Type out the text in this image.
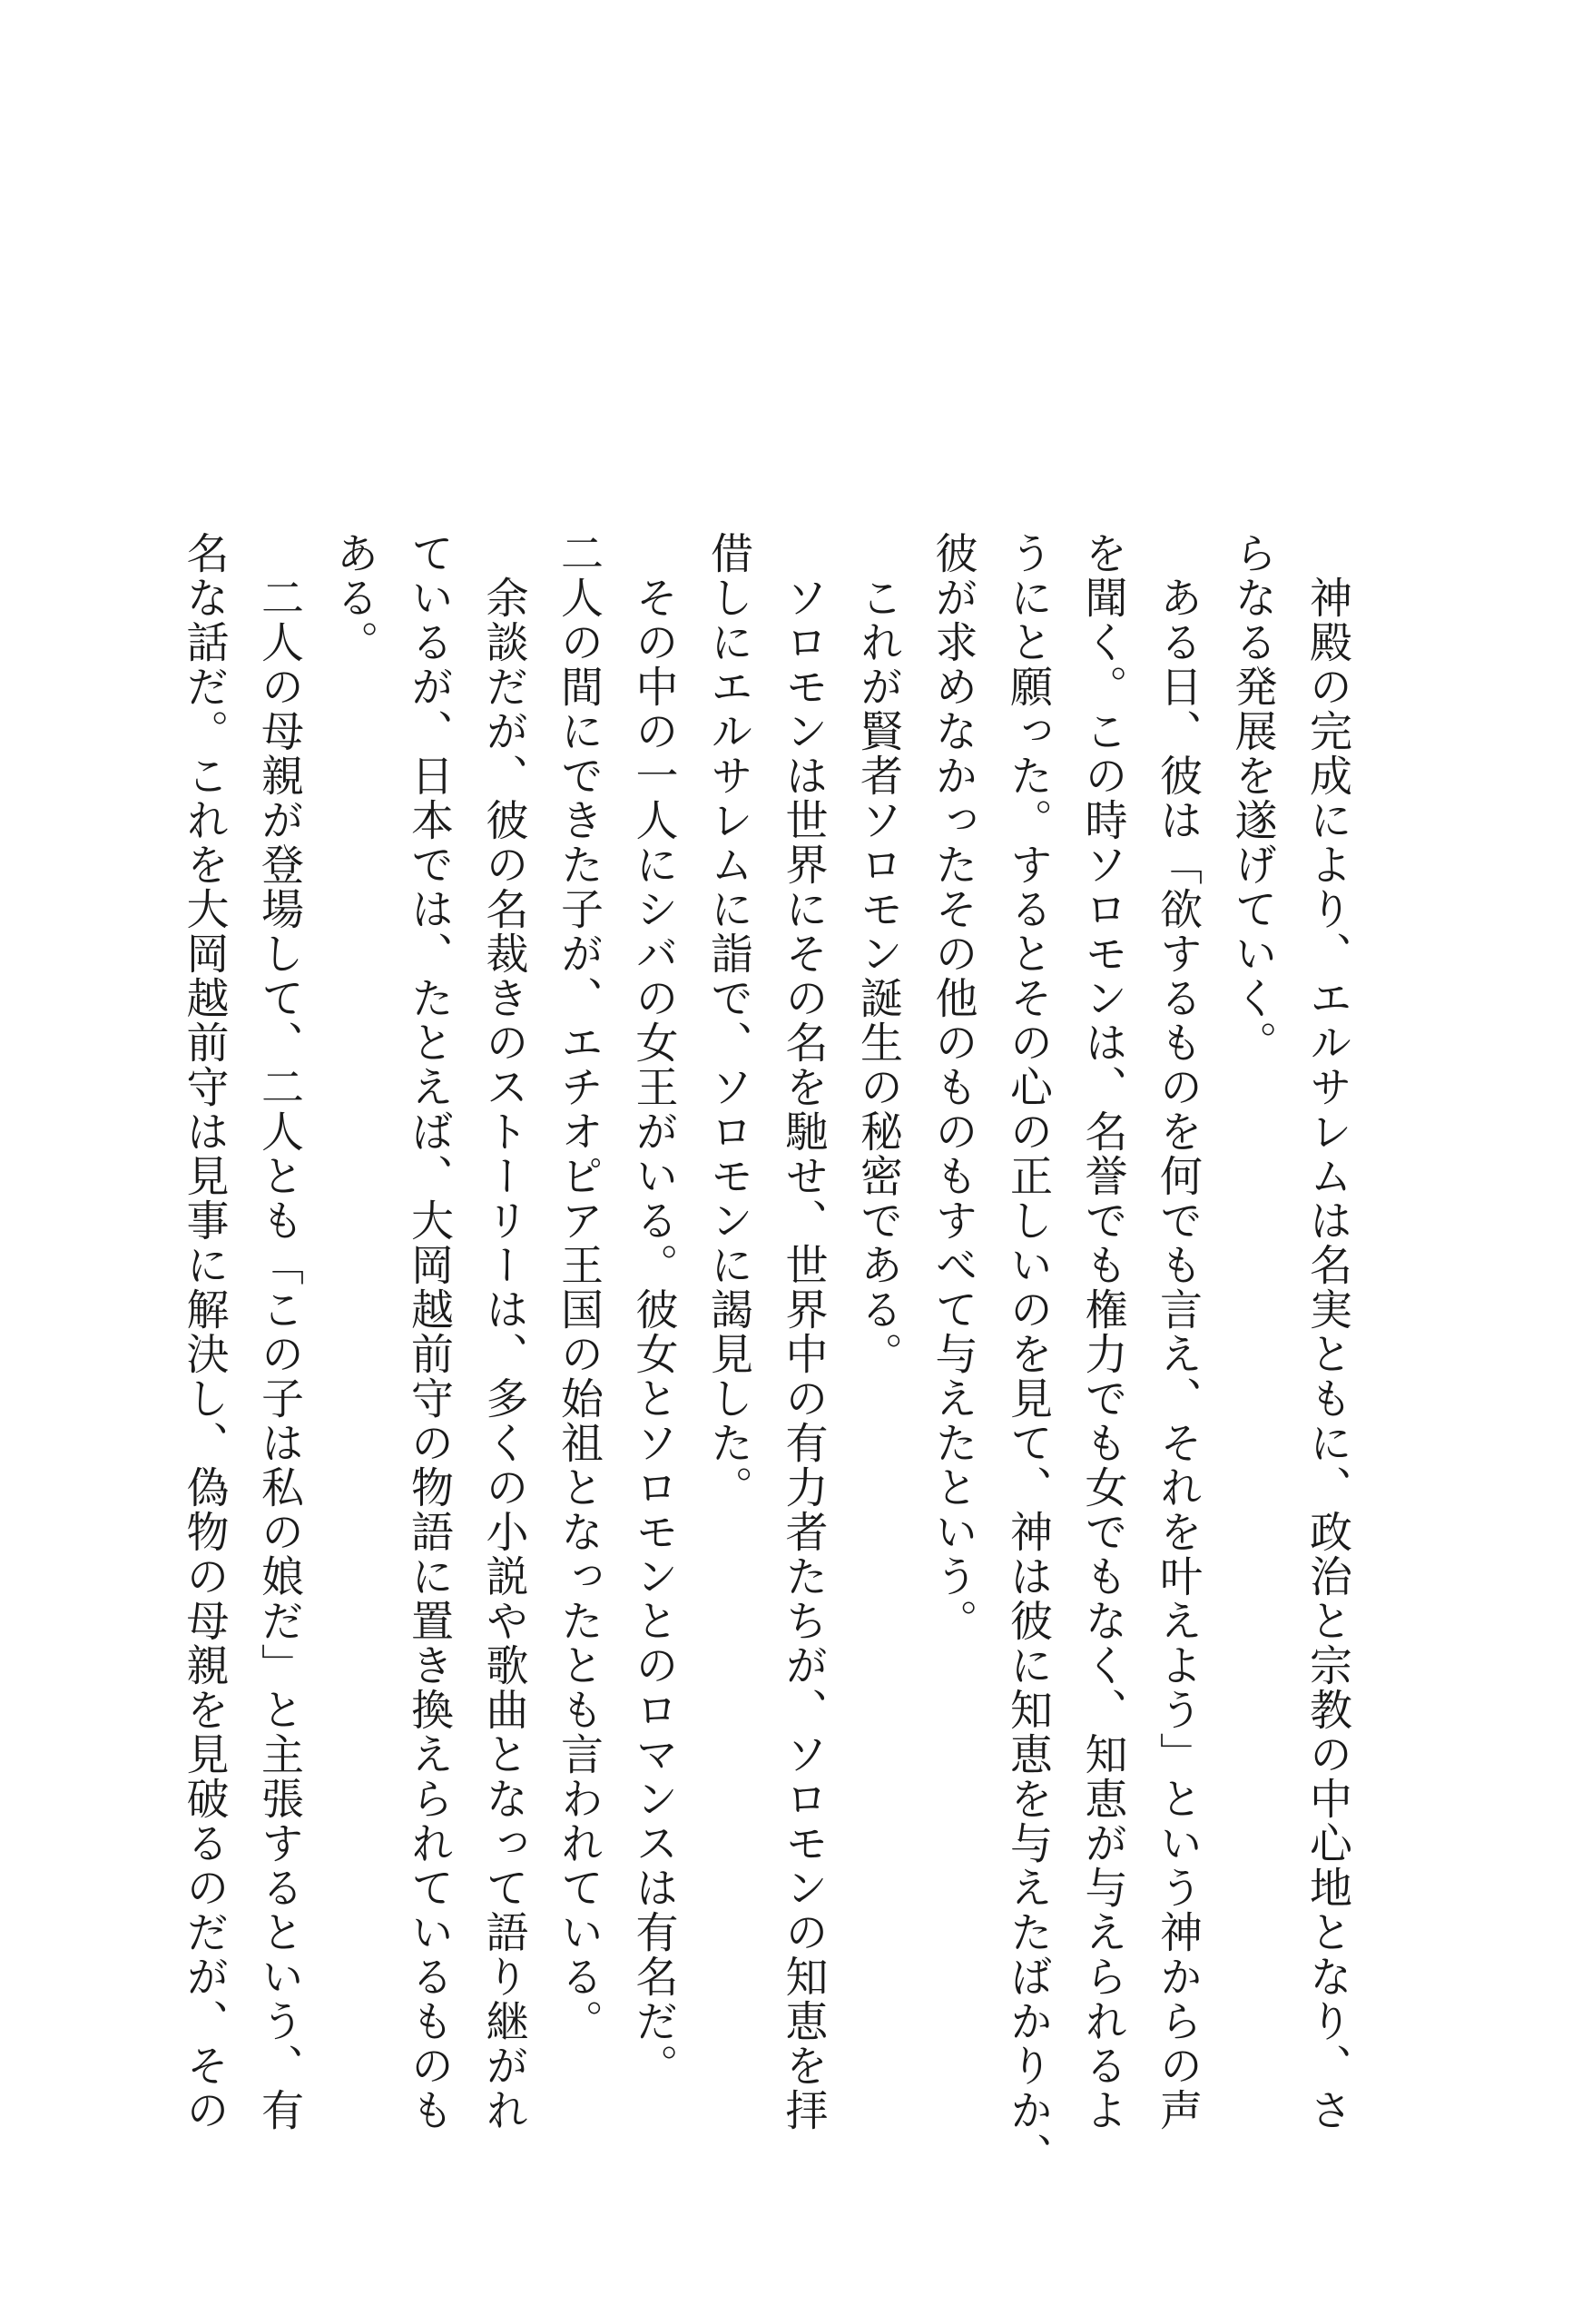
　神殿の完成により、エルサレムは名実ともに、政治と宗教の中心地となり、さ
らなる発展を遂げていく。
　ある日、彼は「欲するものを何でも言え、それを叶えよう」という神からの声
を聞く。この時ソロモンは、名誉でも権力でも女でもなく、知恵が与えられるよ
うにと願った。するとその心の正しいのを見て、神は彼に知恵を与えたばかりか、
彼が求めなかったその他のものもすべて与えたという。
　これが賢者ソロモン誕生の秘密である。
　ソロモンは世界にその名を馳せ、世界中の有力者たちが、ソロモンの知恵を拝
借しにエルサレムに詣で、ソロモンに謁見した。
　その中の一人にシバの女王がいる。彼女とソロモンとのロマンスは有名だ。
二人の間にできた子が、エチオピア王国の始祖となったとも言われている。
　余談だが、彼の名裁きのストーリーは、多くの小説や歌曲となって語り継がれ
ているが、日本では、たとえば、大岡越前守の物語に置き換えられているものも
ある。
　二人の母親が登場して、二人とも「この子は私の娘だ」と主張するという、有
名な話だ。これを大岡越前守は見事に解決し、偽物の母親を見破るのだが、その
